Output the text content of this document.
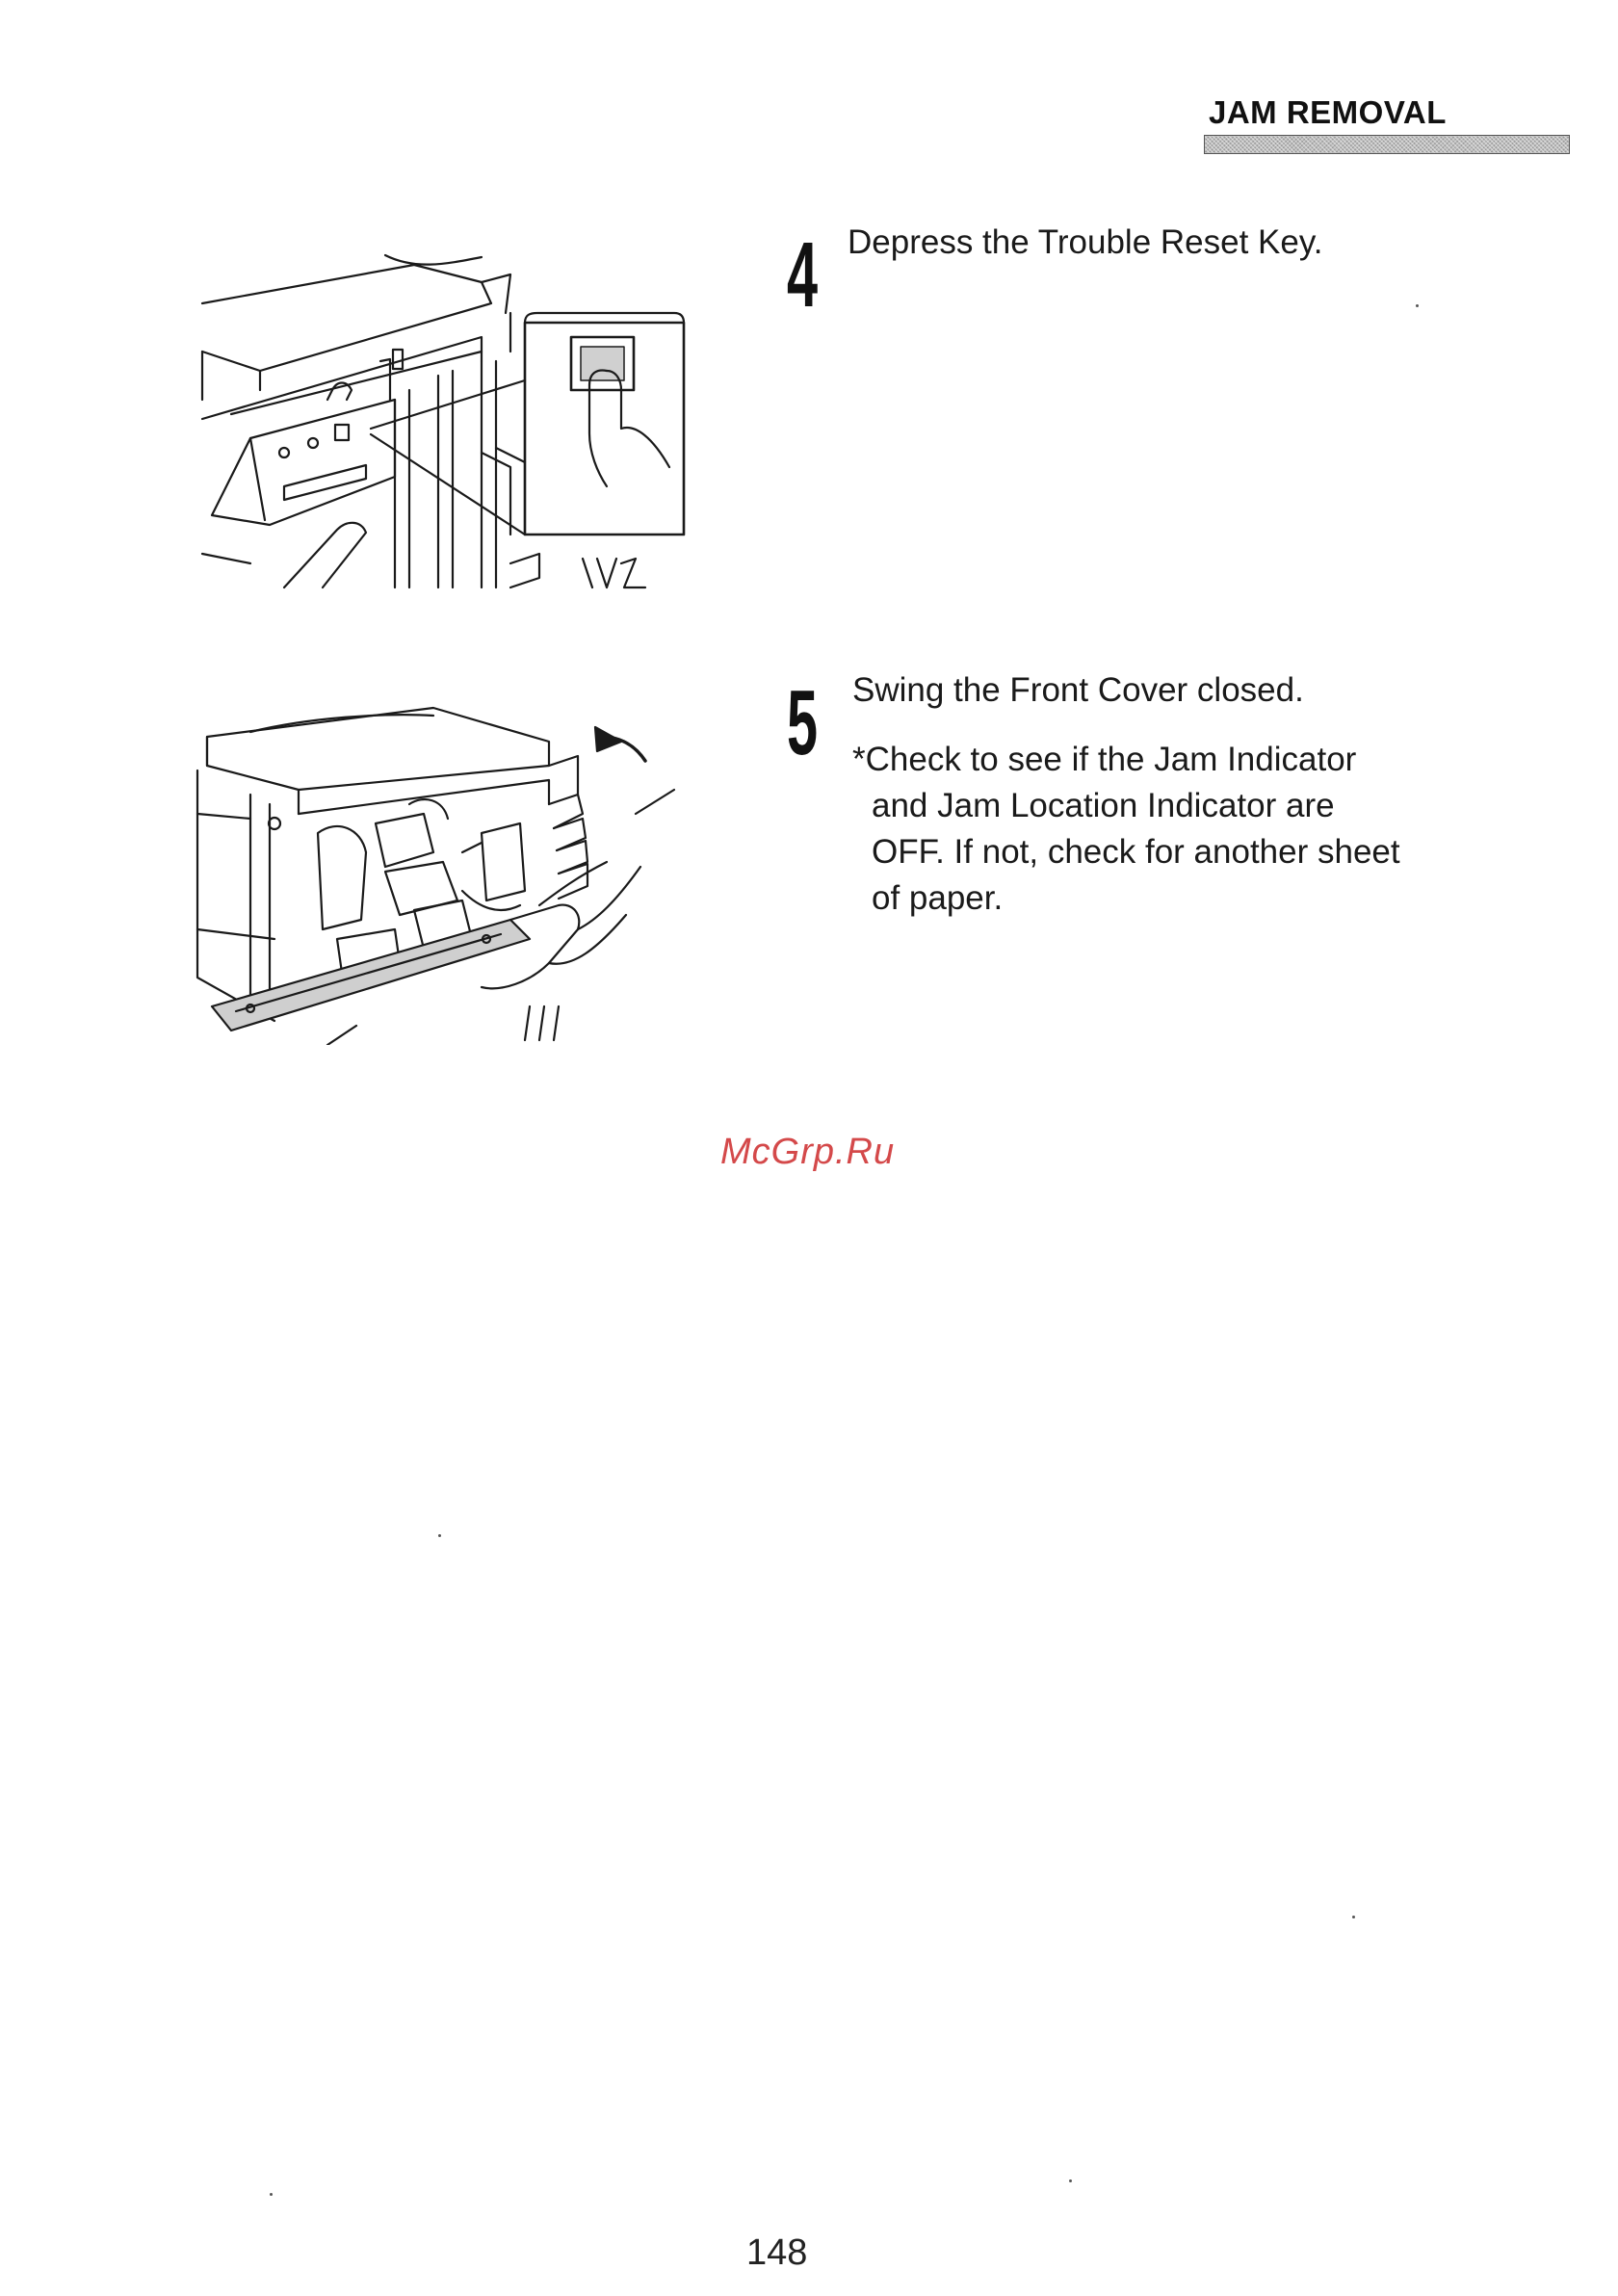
JAM REMOVAL
4 Depress the Trouble Reset Key.
5 Swing the Front Cover closed.
*Check to see if the Jam Indicator
and Jam Location Indicator are
OFF. If not, check for another sheet
of paper.
McGrp.Ru
148
